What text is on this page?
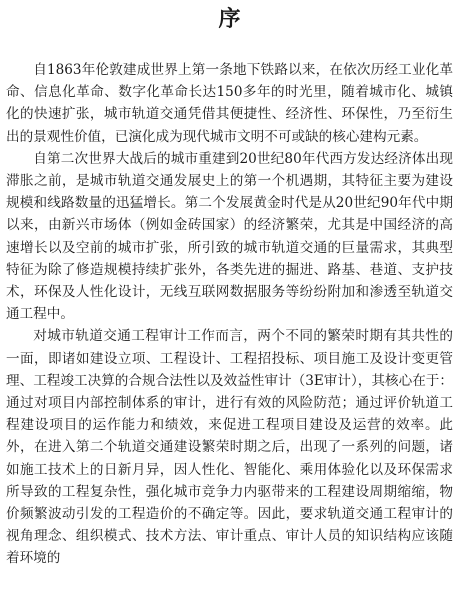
序

自1863年伦敦建成世界上第一条地下铁路以来，在依次历经工业化革命、信息化革命、数字化革命长达150多年的时光里，随着城市化、城镇化的快速扩张，城市轨道交通凭借其便捷性、经济性、环保性，乃至衍生出的景观性价值，已演化成为现代城市文明不可或缺的核心建构元素。

自第二次世界大战后的城市重建到20世纪80年代西方发达经济体出现滞胀之前，是城市轨道交通发展史上的第一个机遇期，其特征主要为建设规模和线路数量的迅猛增长。第二个发展黄金时代是从20世纪90年代中期以来，由新兴市场体（例如金砖国家）的经济繁荣，尤其是中国经济的高速增长以及空前的城市扩张，所引致的城市轨道交通的巨量需求，其典型特征为除了修造规模持续扩张外，各类先进的掘进、路基、巷道、支护技术，环保及人性化设计，无线互联网数据服务等纷纷附加和渗透至轨道交通工程中。

对城市轨道交通工程审计工作而言，两个不同的繁荣时期有其共性的一面，即诸如建设立项、工程设计、工程招投标、项目施工及设计变更管理、工程竣工决算的合规合法性以及效益性审计（3E审计），其核心在于：通过对项目内部控制体系的审计，进行有效的风险防范；通过评价轨道工程建设项目的运作能力和绩效，来促进工程项目建设及运营的效率。此外，在进入第二个轨道交通建设繁荣时期之后，出现了一系列的问题，诸如施工技术上的日新月异，因人性化、智能化、乘用体验化以及环保需求所导致的工程复杂性，强化城市竞争力内驱带来的工程建设周期缩缩，物价频繁波动引发的工程造价的不确定等。因此，要求轨道交通工程审计的视角理念、组织模式、技术方法、审计重点、审计人员的知识结构应该随着环境的
